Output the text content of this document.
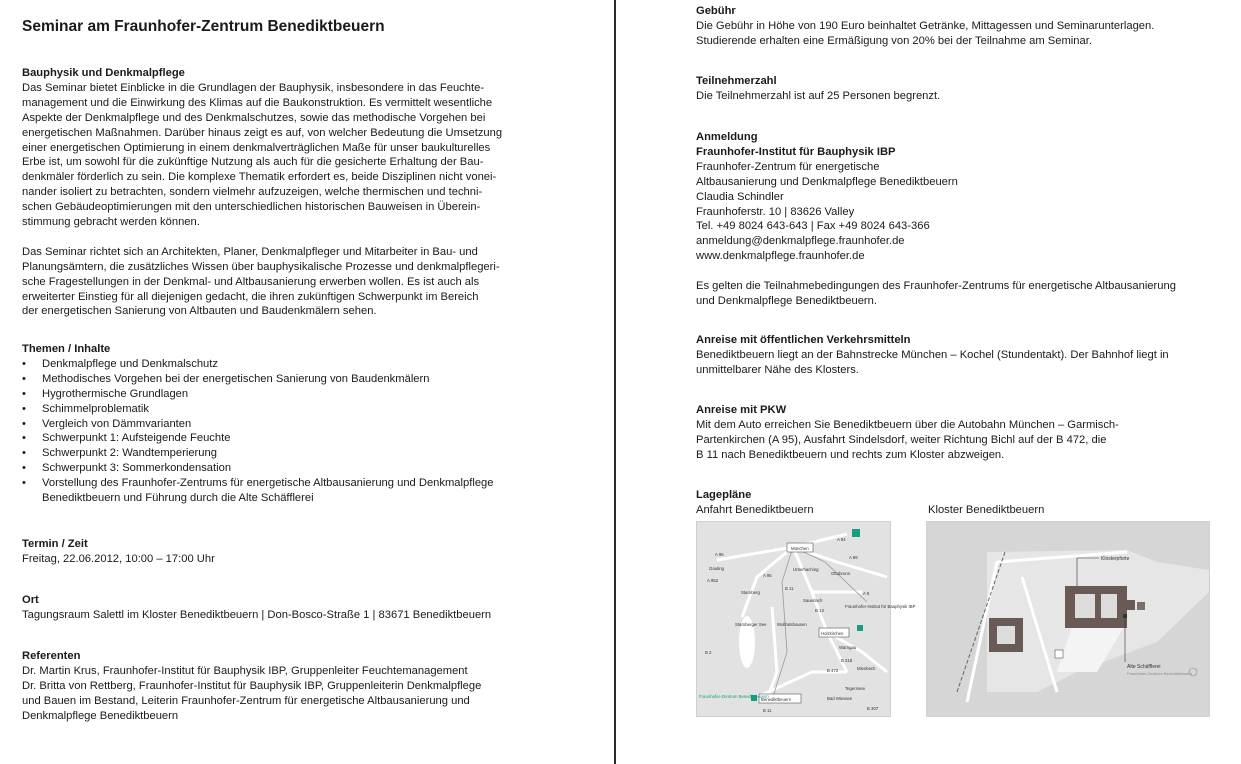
Seminar am Fraunhofer-Zentrum Benediktbeuern
Bauphysik und Denkmalpflege

Das Seminar bietet Einblicke in die Grundlagen der Bauphysik, insbesondere in das Feuchte-
management und die Einwirkung des Klimas auf die Baukonstruktion. Es vermittelt wesentliche
Aspekte der Denkmalpflege und des Denkmalschutzes, sowie das methodische Vorgehen bei
energetischen Maßnahmen. Darüber hinaus zeigt es auf, von welcher Bedeutung die Umsetzung
einer energetischen Optimierung in einem denkmalverträglichen Maße für unser baukulturelles
Erbe ist, um sowohl für die zukünftige Nutzung als auch für die gesicherte Erhaltung der Bau-
denkmäler förderlich zu sein. Die komplexe Thematik erfordert es, beide Disziplinen nicht vonei-
nander isoliert zu betrachten, sondern vielmehr aufzuzeigen, welche thermischen und techni-
schen Gebäudeoptimierungen mit den unterschiedlichen historischen Bauweisen in Überein-
stimmung gebracht werden können.

Das Seminar richtet sich an Architekten, Planer, Denkmalpfleger und Mitarbeiter in Bau- und
Planungsämtern, die zusätzliches Wissen über bauphysikalische Prozesse und denkmalpflegeri-
sche Fragestellungen in der Denkmal- und Altbausanierung erwerben wollen. Es ist auch als
erweiterter Einstieg für all diejenigen gedacht, die ihren zukünftigen Schwerpunkt im Bereich
der energetischen Sanierung von Altbauten und Baudenkmälern sehen.

Themen / Inhalte
• Denkmalpflege und Denkmalschutz
• Methodisches Vorgehen bei der energetischen Sanierung von Baudenkmälern
• Hygrothermische Grundlagen
• Schimmelproblematik
• Vergleich von Dämmvarianten
• Schwerpunkt 1: Aufsteigende Feuchte
• Schwerpunkt 2: Wandtemperierung
• Schwerpunkt 3: Sommerkondensation
• Vorstellung des Fraunhofer-Zentrums für energetische Altbausanierung und Denkmalpflege
Benediktbeuern und Führung durch die Alte Schäfflerei
Termin / Zeit

Freitag, 22.06.2012, 10:00 – 17:00 Uhr

Ort

Tagungsraum Salettl im Kloster Benediktbeuern | Don-Bosco-Straße 1 | 83671 Benediktbeuern

Referenten

Dr. Martin Krus, Fraunhofer-Institut für Bauphysik IBP, Gruppenleiter Feuchtemanagement
Dr. Britta von Rettberg, Fraunhofer-Institut für Bauphysik IBP, Gruppenleiterin Denkmalpflege
und Bauen im Bestand, Leiterin Fraunhofer-Zentrum für energetische Altbausanierung und
Denkmalpflege Benediktbeuern

Gebühr

Die Gebühr in Höhe von 190 Euro beinhaltet Getränke, Mittagessen und Seminarunterlagen.
Studierende erhalten eine Ermäßigung von 20% bei der Teilnahme am Seminar.

Teilnehmerzahl

Die Teilnehmerzahl ist auf 25 Personen begrenzt.

Anmeldung
Fraunhofer-Institut für Bauphysik IBP

Fraunhofer-Zentrum für energetische
Altbausanierung und Denkmalpflege Benediktbeuern
Claudia Schindler
Fraunhoferstr. 10 | 83626 Valley
Tel. +49 8024 643-643 | Fax +49 8024 643-366
anmeldung@denkmalpflege.fraunhofer.de
www.denkmalpflege.fraunhofer.de

Es gelten die Teilnahmebedingungen des Fraunhofer-Zentrums für energetische Altbausanierung
und Denkmalpflege Benediktbeuern.

Anreise mit öffentlichen Verkehrsmitteln

Benediktbeuern liegt an der Bahnstrecke München – Kochel (Stundentakt). Der Bahnhof liegt in
unmittelbarer Nähe des Klosters.

Anreise mit PKW

Mit dem Auto erreichen Sie Benediktbeuern über die Autobahn München – Garmisch-
Partenkirchen (A 95), Ausfahrt Sindelsdorf, weiter Richtung Bichl auf der B 472, die
B 11 nach Benediktbeuern und rechts zum Kloster abzweigen.

Lagepläne
Anfahrt Benediktbeuern	Kloster Benediktbeuern
München
A 96
A 94
A 99
Gauting
A 952
A 95
Starnberg
Unterhaching
Ottobrunn
A 8
B 11
B 13
Sauerlach
Fraunhofer-Institut für Bauphysik IBP
Holzkirchen
Starnberger See Wolfratshausen
B 2
Warngau
B 318
B 472	Miesbach
Fraunhofer-Zentrum Benediktbeuern
Benediktbeuern
Tegernsee
Bad Wiessee
B 307
B 11
Klosterpforte
Alte Schäfflerei
Fraunhofer-Zentrum Benediktbeuern
